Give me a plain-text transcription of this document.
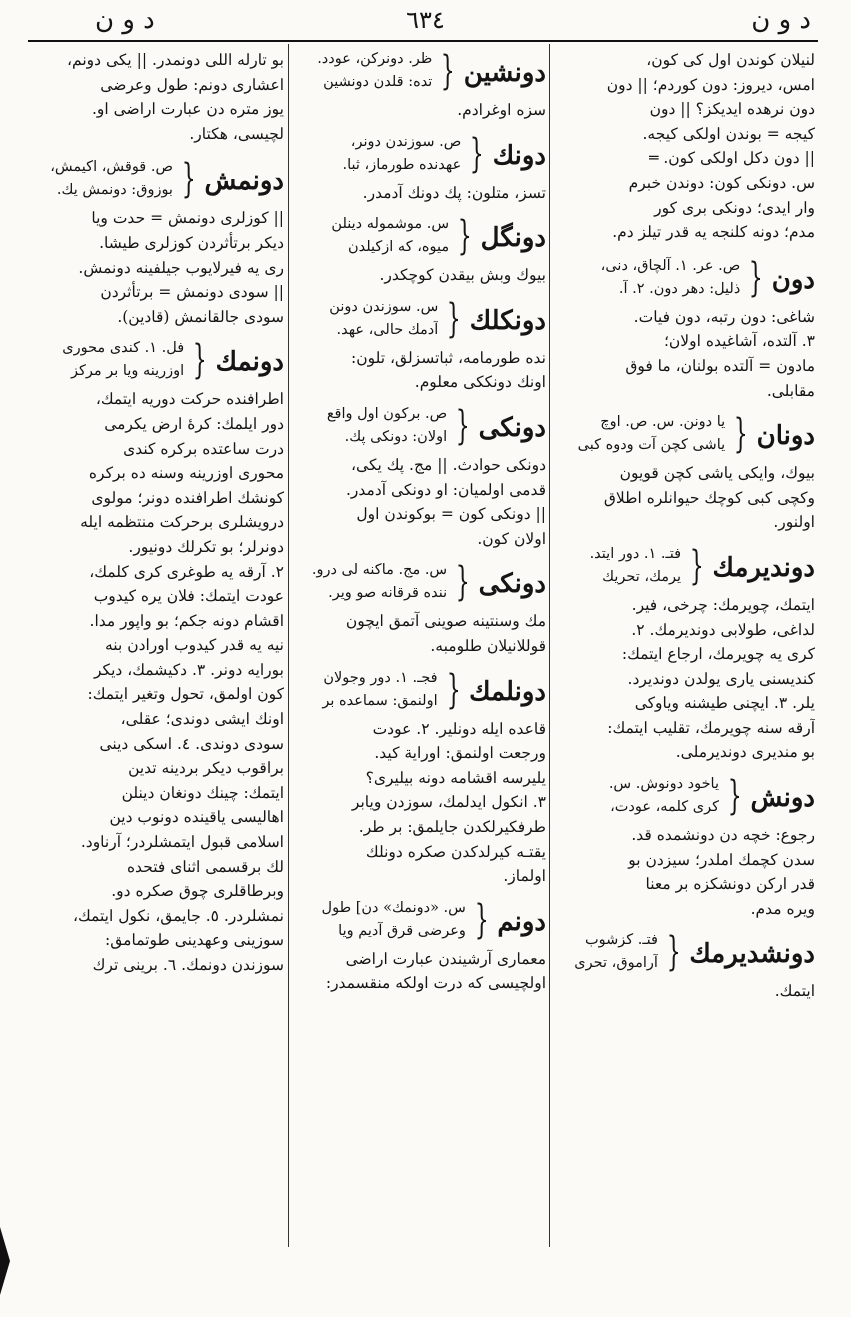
د و ن
٦٣٤
د و ن
لنيلان كوندن اول كى كون،
امس، ديروز: دون كوردم؛ || دون
دون نرهده ايديكز؟ || دون
كيجه = بوندن اولكى كيجه.
|| دون دكل اولكى كون. ═
س. دونكى كون: دوندن خبرم
وار ايدى؛ دونكى برى كور
مدم؛ دونه كلنجه يه قدر تيلز دم.
دون
{
ص. عر. ١. آلچاق، دنى،
ذليل: دهر دون. ٢. آ.
شاغى: دون رتبه، دون فيات.
٣. آلتده، آشاغيده اولان؛
مادون = آلتده بولنان، ما فوق
مقابلى.
دونان
{
يا دونن. س. ص. اوچ
ياشى كچن آت ودوه كبى
بيوك، وايكى ياشى كچن قويون
وكچى كبى كوچك حيوانلره اطلاق
اولنور.
دونديرمك
{
فتـ. ١. دور ايتد.
يرمك، تحريك
ايتمك، چويرمك: چرخى، فير.
لداغى، طولابى دونديرمك. ٢.
كرى يه چويرمك، ارجاع ايتمك:
كنديسنى يارى يولدن دونديرد.
يلر. ٣. ايچنى طيشنه وياوكى
آرقه سنه چويرمك، تقليب ايتمك:
بو منديرى دونديرملى.
دونش
{
ياخود دونوش. س.
كرى كلمه، عودت،
رجوع: خچه دن دونشمده قد.
سدن كچمك املدر؛ سيزدن بو
قدر اركن دونشكزه بر معنا
ويره مدم.
دونشديرمك
{
فتـ. كزشوب
آراموق، تحرى
ايتمك.
دونشين
{
ظر. دونركن، عودد.
تده: قلدن دونشين
سزه اوغرادم.
دونك
{
ص. سوزندن دونر،
عهدنده طورماز، ثبا.
تسز، متلون: پك دونك آدمدر.
دونگل
{
س. موشموله دينلن
ميوه، كه ازكيلدن
بيوك وبش بيقدن كوچكدر.
دونكلك
{
س. سوزندن دونن
آدمك حالى، عهد.
نده طورمامه، ثباتسزلق، تلون:
اونك دونككى معلوم.
دونكى
{
ص. بركون اول واقع
اولان: دونكى پك.
دونكى حوادث. || مج. پك يكى،
قدمى اولميان: او دونكى آدمدر.
|| دونكى كون = بوكوندن اول
اولان كون.
دونكى
{
س. مج. ماكنه لى درو.
ننده قرقانه صو وير.
مك وسنتينه صوينى آتمق ايچون
قوللانيلان طلومبه.
دونلمك
{
فجـ. ١. دور وجولان
اولنمق: سماعده بر
قاعده ايله دونلير. ٢. عودت
ورجعت اولنمق: اوراية كيد.
يليرسه اقشامه دونه بيليرى؟
٣. انكول ايدلمك، سوزدن ويابر
طرفكيرلكدن جايلمق: بر طر.
يقتـه كيرلدكدن صكره دونلك
اولماز.
دونم
{
س. «دونمك» دن] طول
وعرضى قرق آديم ويا
معمارى آرشيندن عبارت اراضى
اولچيسى كه درت اولكه منقسمدر:
بو تارله اللى دونمدر. || يكى دونم،
اعشارى دونم: طول وعرضى
يوز متره دن عبارت اراضى او.
لچيسى، هكتار.
دونمش
{
ص. قوقش، اكيمش،
بوزوق: دونمش يك.
|| كوزلرى دونمش = حدت ويا
ديكر برتأثردن كوزلرى طيشا.
رى يه فيرلايوب جيلفينه دونمش.
|| سودى دونمش = برتأثردن
سودى جالقانمش (قادين).
دونمك
{
فل. ١. كندى محورى
اوزرينه ويا بر مركز
اطرافنده حركت دوريه ايتمك،
دور ايلمك: كرهٔ ارض يكرمى
درت ساعتده بركره كندى
محورى اوزرينه وسنه ده بركره
كونشك اطرافنده دونر؛ مولوى
درويشلرى برحركت منتظمه ايله
دونرلر؛ بو تكرلك دونيور.
٢. آرقه يه طوغرى كرى كلمك،
عودت ايتمك: فلان يره كيدوب
اقشام دونه جكم؛ بو واپور مدا.
نيه يه قدر كيدوب اورادن بنه
بورايه دونر. ٣. دكيشمك، ديكر
كون اولمق، تحول وتغير ايتمك:
اونك ايشى دوندى؛ عقلى،
سودى دوندى. ٤. اسكى دينى
براقوب ديكر بردينه تدين
ايتمك: چينك دونغان دينلن
اهاليسى ياقينده دونوب دين
اسلامى قبول ايتمشلردر؛ آرناود.
لك برقسمى اثناى فتحده
وبرطاقلرى چوق صكره دو.
نمشلردر. ٥. جايمق، نكول ايتمك،
سوزينى وعهدينى طوتمامق:
سوزندن دونمك. ٦. برينى ترك
